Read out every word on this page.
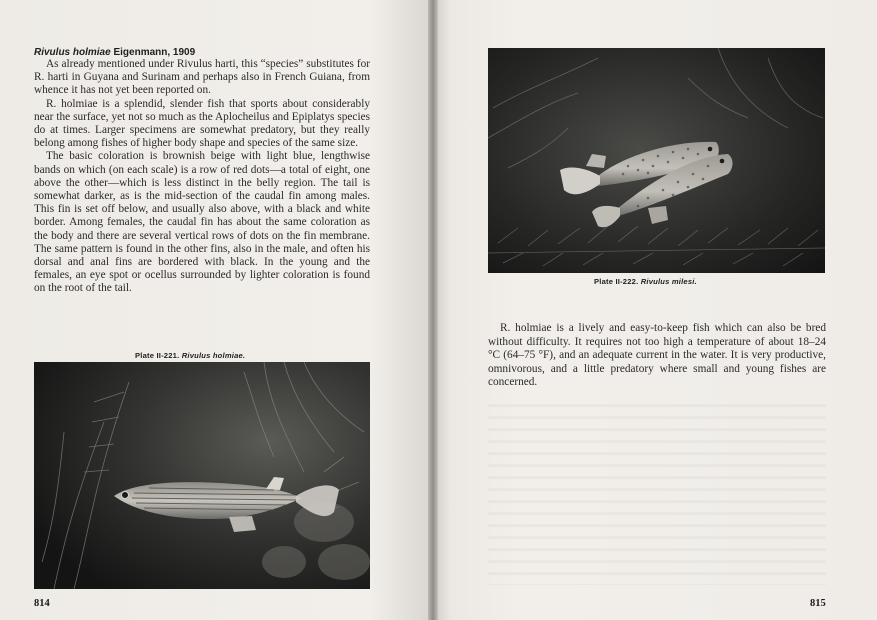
Rivulus holmiae Eigenmann, 1909

As already mentioned under Rivulus harti, this “species” substitutes for R. harti in Guyana and Surinam and perhaps also in French Guiana, from whence it has not yet been reported on.

R. holmiae is a splendid, slender fish that sports about considerably near the surface, yet not so much as the Aplocheilus and Epiplatys species do at times. Larger specimens are somewhat predatory, but they really belong among fishes of higher body shape and species of the same size.

The basic coloration is brownish beige with light blue, lengthwise bands on which (on each scale) is a row of red dots—a total of eight, one above the other—which is less distinct in the belly region. The tail is somewhat darker, as is the mid-section of the caudal fin among males. This fin is set off below, and usually also above, with a black and white border. Among females, the caudal fin has about the same coloration as the body and there are several vertical rows of dots on the fin membrane. The same pattern is found in the other fins, also in the male, and often his dorsal and anal fins are bordered with black. In the young and the females, an eye spot or ocellus surrounded by lighter coloration is found on the root of the tail.

Plate II-221. Rivulus holmiae.
814
Plate II-222. Rivulus milesi.

R. holmiae is a lively and easy-to-keep fish which can also be bred without difficulty. It requires not too high a temperature of about 18–24 °C (64–75 °F), and an adequate current in the water. It is very productive, omnivorous, and a little predatory where small and young fishes are concerned.

815
